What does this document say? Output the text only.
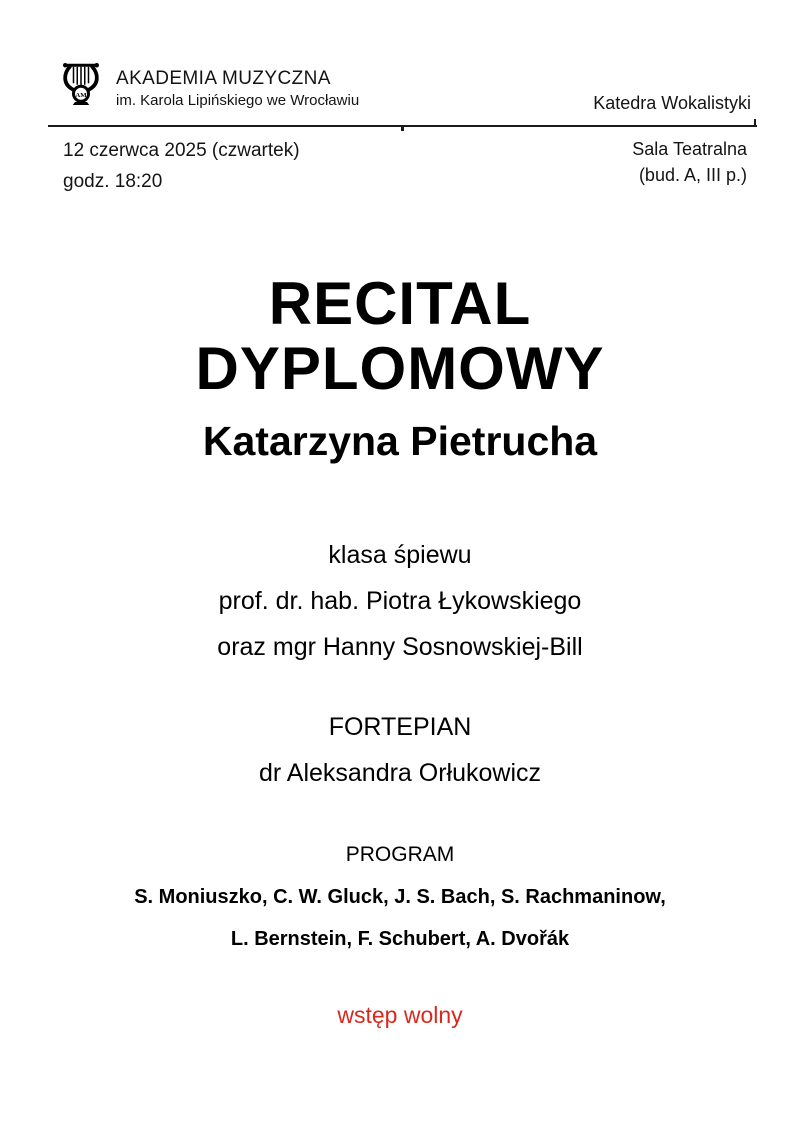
AM
AKADEMIA MUZYCZNA
im. Karola Lipińskiego we Wrocławiu	Katedra Wokalistyki
12 czerwca 2025 (czwartek)
godz. 18:20
Sala Teatralna
(bud. A, III p.)
RECITAL
DYPLOMOWY
Katarzyna Pietrucha
klasa śpiewu
prof. dr. hab. Piotra Łykowskiego
oraz mgr Hanny Sosnowskiej-Bill
FORTEPIAN
dr Aleksandra Orłukowicz
PROGRAM
S. Moniuszko, C. W. Gluck, J. S. Bach, S. Rachmaninow,
L. Bernstein, F. Schubert, A. Dvořák
wstęp wolny
